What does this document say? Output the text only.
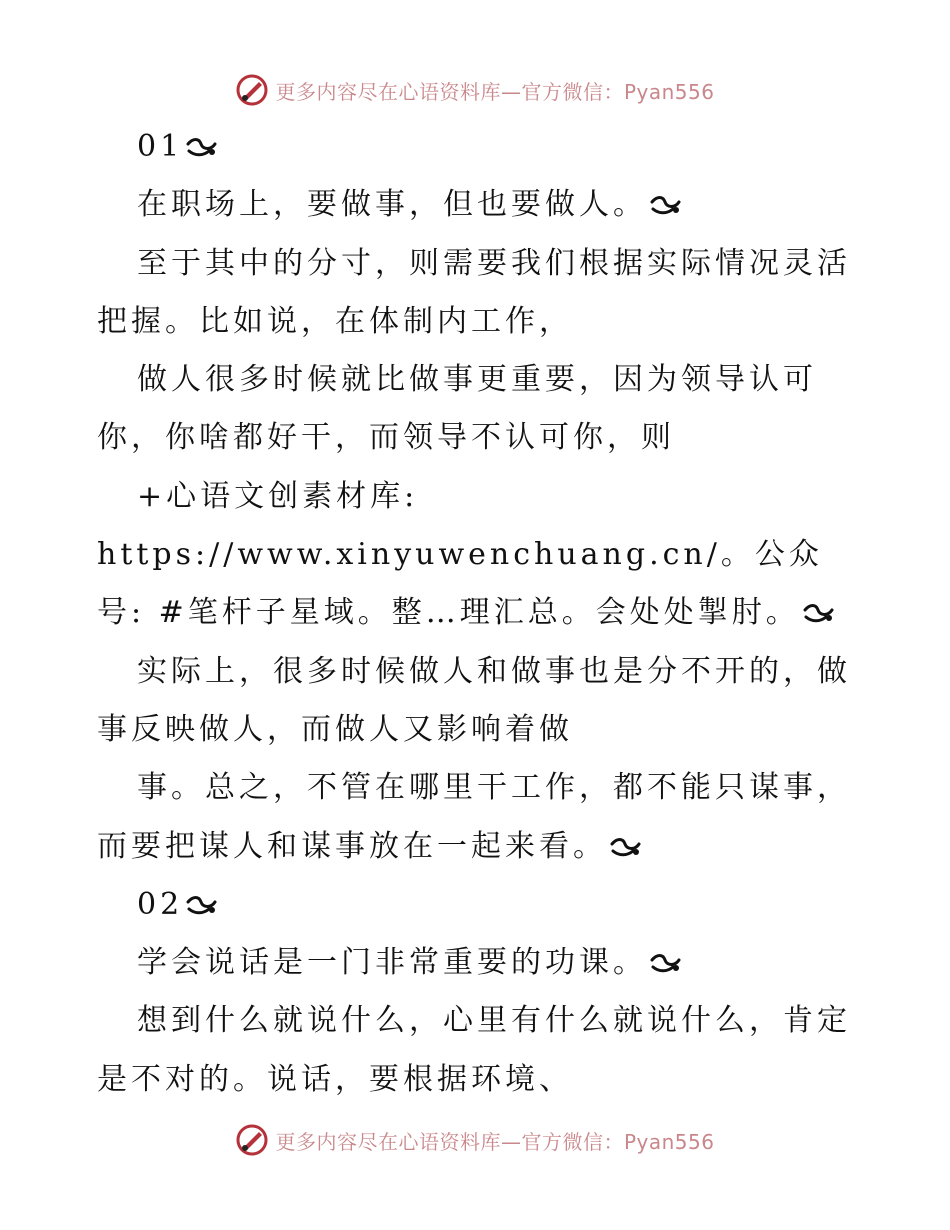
更多内容尽在心语资料库—官方微信：Pyan556

01

在职场上，要做事，但也要做人。

至于其中的分寸，则需要我们根据实际情况灵活把握。比如说，在体制内工作，

做人很多时候就比做事更重要，因为领导认可你，你啥都好干，而领导不认可你，则

+心语文创素材库: https://www.xinyuwenchuang.cn/。公众号: #笔杆子星域。整…理汇总。会处处掣肘。

实际上，很多时候做人和做事也是分不开的，做事反映做人，而做人又影响着做

事。总之，不管在哪里干工作，都不能只谋事，而要把谋人和谋事放在一起来看。

02

学会说话是一门非常重要的功课。

想到什么就说什么，心里有什么就说什么，肯定是不对的。说话，要根据环境、

更多内容尽在心语资料库—官方微信：Pyan556
